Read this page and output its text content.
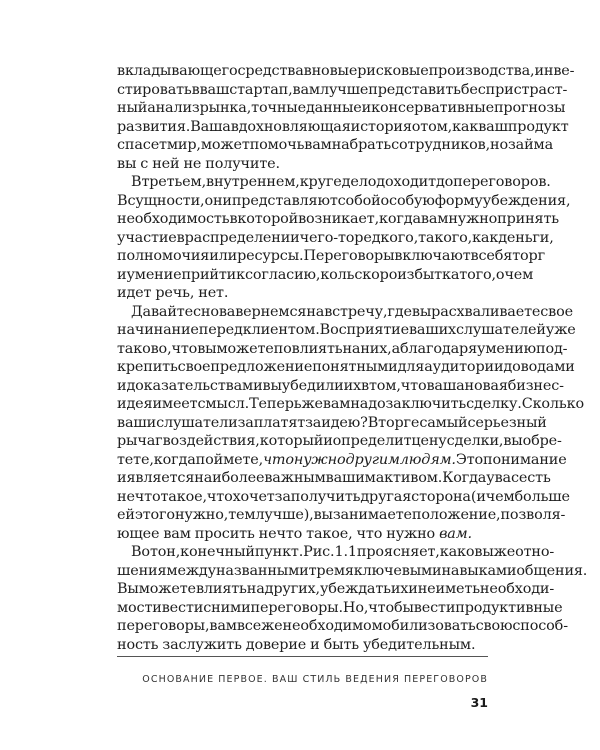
вкладывающего средства в новые рисковые производства, инве-
стировать в ваш стартап, вам лучше представить беспристраст-
ный анализ рынка, точные данные и консервативные прогнозы
развития. Ваша вдохновляющая история о том, как ваш продукт
спасет мир, может помочь вам набрать сотрудников, но займа
вы с ней не получите.
В третьем, внутреннем, круге дело доходит до переговоров.
В сущности, они представляют собой особую форму убеждения,
необходимость в которой возникает, когда вам нужно принять
участие в распределении чего-то редкого, такого, как деньги,
полномочия или ресурсы. Переговоры включают в себя торг
и умение прийти к согласию, коль скоро избытка того, о чем
идет речь, нет.
Давайте снова вернемся на встречу, где вы расхваливаете свое
начинание перед клиентом. Восприятие ваших слушателей уже
таково, что вы можете повлиять на них, а благодаря умению под-
крепить свое предложение понятными для аудитории доводами
и доказательствами вы убедили их в том, что ваша новая бизнес-
идея имеет смысл. Теперь же вам надо заключить сделку. Сколько
ваши слушатели заплатят за идею? В торге самый серьезный
рычаг воздействия, который и определит цену сделки, вы обре-
тете, когда поймете, что нужно другим людям. Это понимание
и является наиболее важным вашим активом. Когда у вас есть
нечто такое, что хочет заполучить другая сторона (и чем больше
ей этого нужно, тем лучше), вы занимаете положение, позволя-
ющее вам просить нечто такое, что нужно вам.
Вот он, конечный пункт. Рис. 1.1 проясняет, каковы же отно-
шения между названными тремя ключевыми навыками общения.
Вы можете влиять на других, убеждать их и не иметь необходи-
мости вести с ними переговоры. Но, чтобы вести продуктивные
переговоры, вам все же необходимо мобилизовать свою способ-
ность заслужить доверие и быть убедительным.
ОСНОВАНИЕ ПЕРВОЕ. ВАШ СТИЛЬ ВЕДЕНИЯ ПЕРЕГОВОРОВ
31
